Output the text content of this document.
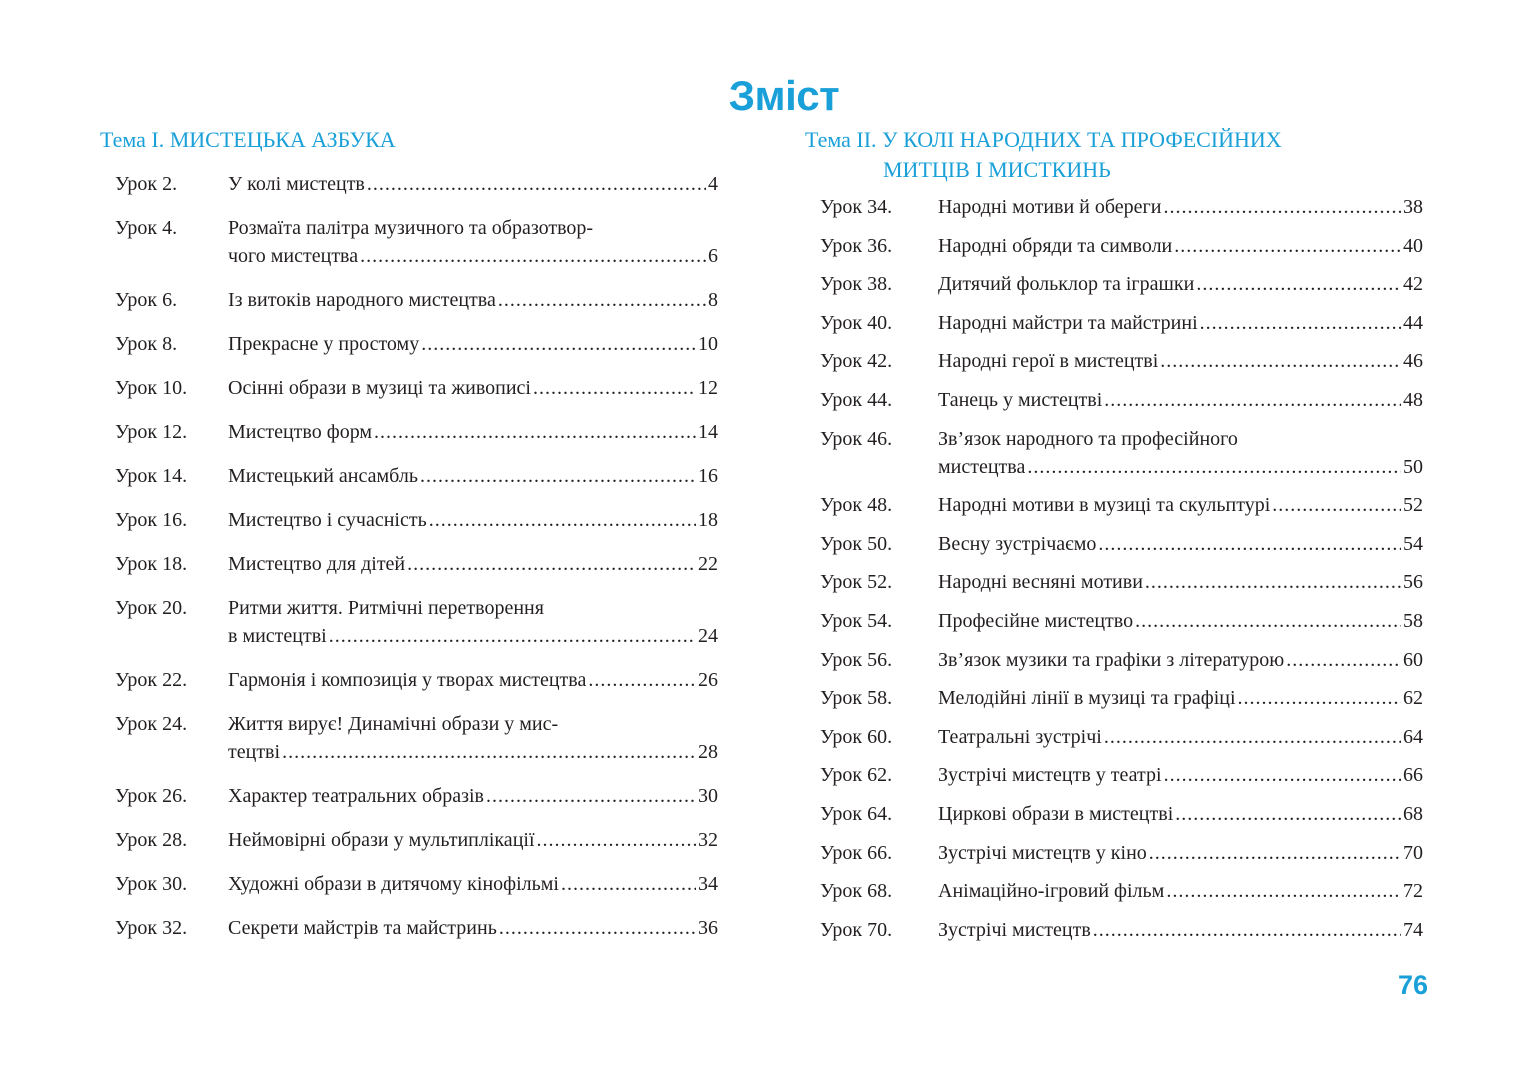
Зміст
Тема І. МИСТЕЦЬКА АЗБУКА
Урок 2.	У колі мистецтв .....	4
Урок 4.	Розмаїта палітра музичного та образотвор-
чого мистецтва .....	6
Урок 6.	Із витоків народного мистецтва .....	8
Урок 8.	Прекрасне у простому .....	10
Урок 10. Осінні образи в музиці та живописі .....	12
Урок 12. Мистецтво форм .....	14
Урок 14. Мистецький ансамбль .....	16
Урок 16. Мистецтво і сучасність .....	18
Урок 18. Мистецтво для дітей .....	22
Урок 20. Ритми життя. Ритмічні перетворення
в мистецтві .....	24
Урок 22. Гармонія і композиція у творах мистецтва .....	26
Урок 24. Життя вирує! Динамічні образи у мис-
тецтві .....	28
Урок 26. Характер театральних образів .....	30
Урок 28. Неймовірні образи у мультиплікації .....	32
Урок 30. Художні образи в дитячому кінофільмі .....	34
Урок 32. Секрети майстрів та майстринь .....	36
Тема ІІ. У КОЛІ НАРОДНИХ ТА ПРОФЕСІЙНИХ
МИТЦІВ І МИСТКИНЬ
Урок 34. Народні мотиви й обереги .....	38
Урок 36. Народні обряди та символи .....	40
Урок 38. Дитячий фольклор та іграшки .....	42
Урок 40. Народні майстри та майстрині .....	44
Урок 42. Народні герої в мистецтві .....	46
Урок 44. Танець у мистецтві .....	48
Урок 46. Зв’язок народного та професійного
мистецтва .....	50
Урок 48. Народні мотиви в музиці та скульптурі .....	52
Урок 50. Весну зустрічаємо .....	54
Урок 52. Народні весняні мотиви .....	56
Урок 54. Професійне мистецтво .....	58
Урок 56. Зв’язок музики та графіки з літературою .....	60
Урок 58. Мелодійні лінії в музиці та графіці .....	62
Урок 60. Театральні зустрічі .....	64
Урок 62. Зустрічі мистецтв у театрі .....	66
Урок 64. Циркові образи в мистецтві .....	68
Урок 66. Зустрічі мистецтв у кіно .....	70
Урок 68. Анімаційно-ігровий фільм .....	72
Урок 70. Зустрічі мистецтв .....	74
76
